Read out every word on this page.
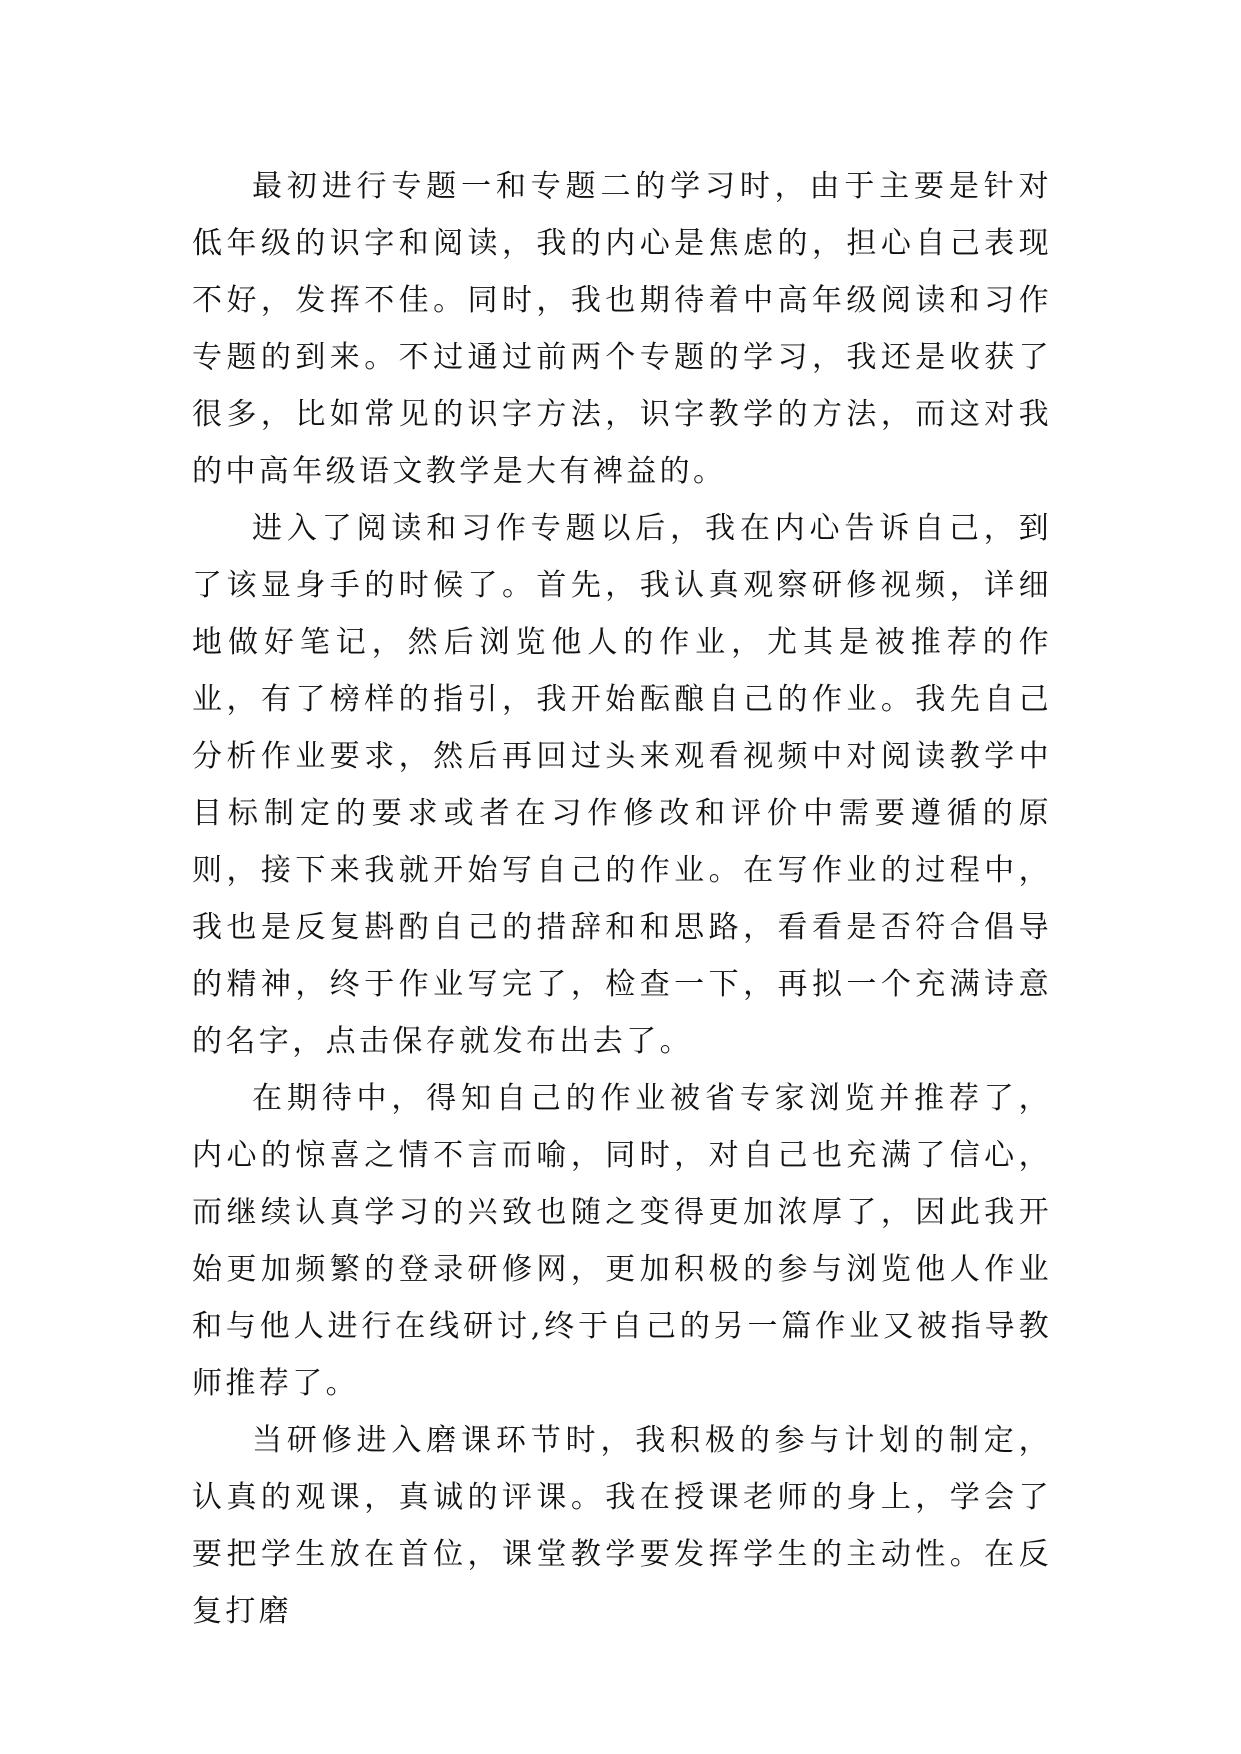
最初进行专题一和专题二的学习时，由于主要是针对低年级的识字和阅读，我的内心是焦虑的，担心自己表现不好，发挥不佳。同时，我也期待着中高年级阅读和习作专题的到来。不过通过前两个专题的学习，我还是收获了很多，比如常见的识字方法，识字教学的方法，而这对我的中高年级语文教学是大有裨益的。

进入了阅读和习作专题以后，我在内心告诉自己，到了该显身手的时候了。首先，我认真观察研修视频，详细地做好笔记，然后浏览他人的作业，尤其是被推荐的作业，有了榜样的指引，我开始酝酿自己的作业。我先自己分析作业要求，然后再回过头来观看视频中对阅读教学中目标制定的要求或者在习作修改和评价中需要遵循的原则，接下来我就开始写自己的作业。在写作业的过程中，我也是反复斟酌自己的措辞和和思路，看看是否符合倡导的精神，终于作业写完了，检查一下，再拟一个充满诗意的名字，点击保存就发布出去了。

在期待中，得知自己的作业被省专家浏览并推荐了，内心的惊喜之情不言而喻，同时，对自己也充满了信心，而继续认真学习的兴致也随之变得更加浓厚了，因此我开始更加频繁的登录研修网，更加积极的参与浏览他人作业和与他人进行在线研讨,终于自己的另一篇作业又被指导教师推荐了。

当研修进入磨课环节时，我积极的参与计划的制定，认真的观课，真诚的评课。我在授课老师的身上，学会了要把学生放在首位，课堂教学要发挥学生的主动性。在反复打磨
